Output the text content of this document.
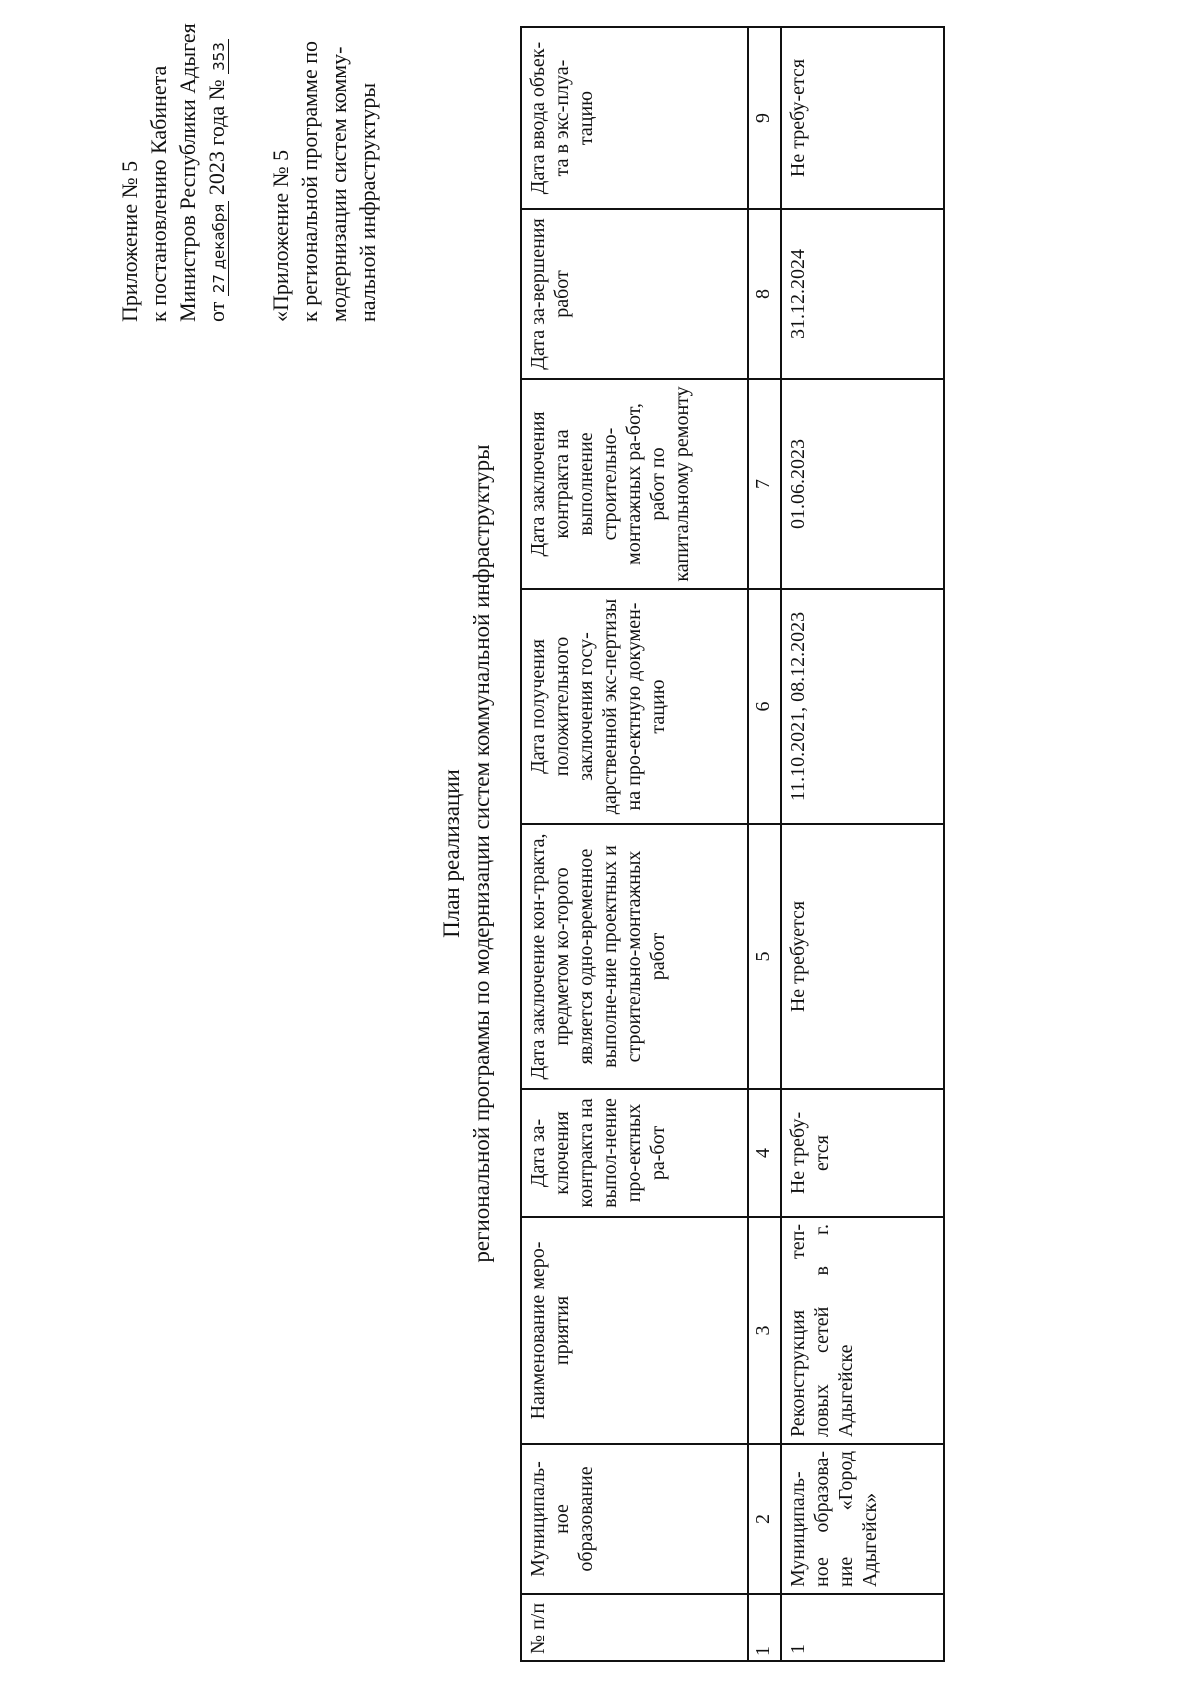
Приложение № 5 к постановлению Кабинета Министров Республики Адыгея от 27 декабря 2023 года № 353
«Приложение № 5 к региональной программе по модернизации систем комму- нальной инфраструктуры
План реализации региональной программы по модернизации систем коммунальной инфраструктуры
№ п/п	Муниципаль-ное образование	Наименование меро-приятия	Дата за-ключения контракта на выпол-нение про-ектных ра-бот	Дата заключение кон-тракта, предметом ко-торого является одно-временное выполне-ние проектных и строительно-монтажных работ	Дата получения положительного заключения госу-дарственной экс-пертизы на про-ектную докумен-тацию	Дата заключения контракта на выполнение строительно-монтажных ра-бот, работ по капитальному ремонту	Дата за-вершения работ	Дата ввода объек-та в экс-плуа-тацию
1	2	3	4	5	6	7	8	9
1	Муниципаль-ное образова-ние «Город Адыгейск»	Реконструкция теп-ловых сетей в г. Адыгейске	Не требу-ется	Не требуется	11.10.2021, 08.12.2023	01.06.2023	31.12.2024	Не требу-ется
